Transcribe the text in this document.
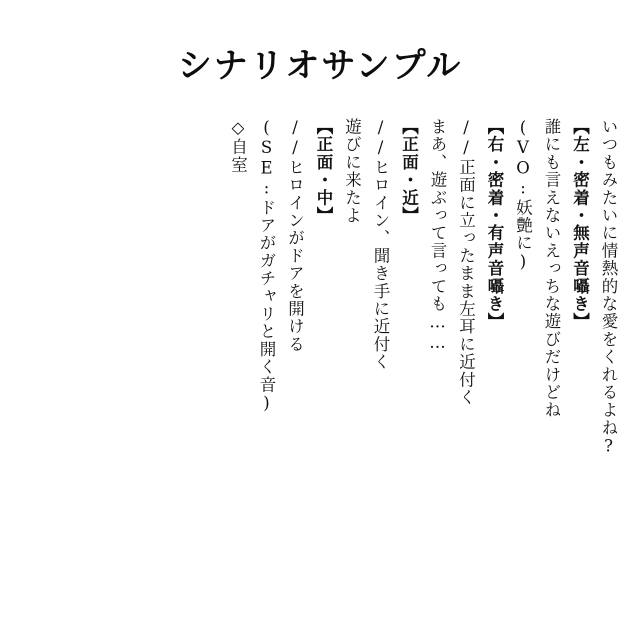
シナリオサンプル
◇自室 (SE:ドアがガチャリと開く音) //ヒロインがドアを開ける 【正面・中】 遊びに来たよ //ヒロイン、聞き手に近付く 【正面・近】 まあ、遊ぶって言っても…… //正面に立ったまま左耳に近付く 【右・密着・有声音囁き】 (VO:妖艶に) 誰にも言えないえっちな遊びだけどね 【左・密着・無声音囁き】 いつもみたいに情熱的な愛をくれるよね?
